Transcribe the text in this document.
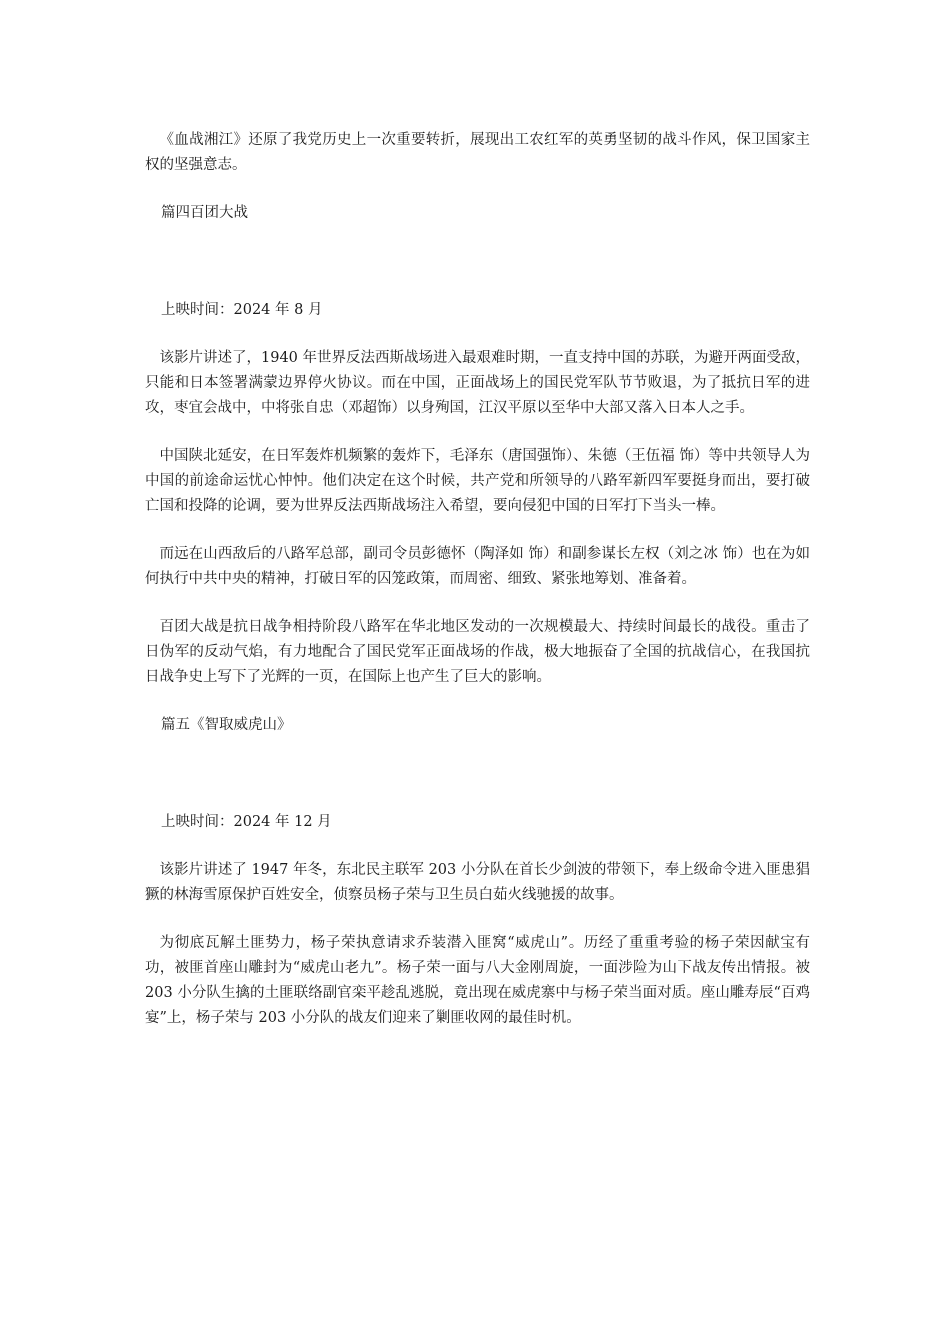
《血战湘江》还原了我党历史上一次重要转折，展现出工农红军的英勇坚韧的战斗作风，保卫国家主权的坚强意志。

篇四百团大战

上映时间：2024 年 8 月

该影片讲述了，1940 年世界反法西斯战场进入最艰难时期，一直支持中国的苏联，为避开两面受敌，只能和日本签署满蒙边界停火协议。而在中国，正面战场上的国民党军队节节败退，为了抵抗日军的进攻，枣宜会战中，中将张自忠（邓超饰）以身殉国，江汉平原以至华中大部又落入日本人之手。

中国陕北延安，在日军轰炸机频繁的轰炸下，毛泽东（唐国强饰）、朱德（王伍福 饰）等中共领导人为中国的前途命运忧心忡忡。他们决定在这个时候，共产党和所领导的八路军新四军要挺身而出，要打破亡国和投降的论调，要为世界反法西斯战场注入希望，要向侵犯中国的日军打下当头一棒。

而远在山西敌后的八路军总部，副司令员彭德怀（陶泽如 饰）和副参谋长左权（刘之冰 饰）也在为如何执行中共中央的精神，打破日军的囚笼政策，而周密、细致、紧张地筹划、准备着。

百团大战是抗日战争相持阶段八路军在华北地区发动的一次规模最大、持续时间最长的战役。重击了日伪军的反动气焰，有力地配合了国民党军正面战场的作战，极大地振奋了全国的抗战信心，在我国抗日战争史上写下了光辉的一页，在国际上也产生了巨大的影响。

篇五《智取威虎山》

上映时间：2024 年 12 月

该影片讲述了 1947 年冬，东北民主联军 203 小分队在首长少剑波的带领下，奉上级命令进入匪患猖獗的林海雪原保护百姓安全，侦察员杨子荣与卫生员白茹火线驰援的故事。

为彻底瓦解土匪势力，杨子荣执意请求乔装潜入匪窝“威虎山”。历经了重重考验的杨子荣因献宝有功，被匪首座山雕封为“威虎山老九”。杨子荣一面与八大金刚周旋，一面涉险为山下战友传出情报。被 203 小分队生擒的土匪联络副官栾平趁乱逃脱，竟出现在威虎寨中与杨子荣当面对质。座山雕寿辰“百鸡宴”上，杨子荣与 203 小分队的战友们迎来了剿匪收网的最佳时机。
